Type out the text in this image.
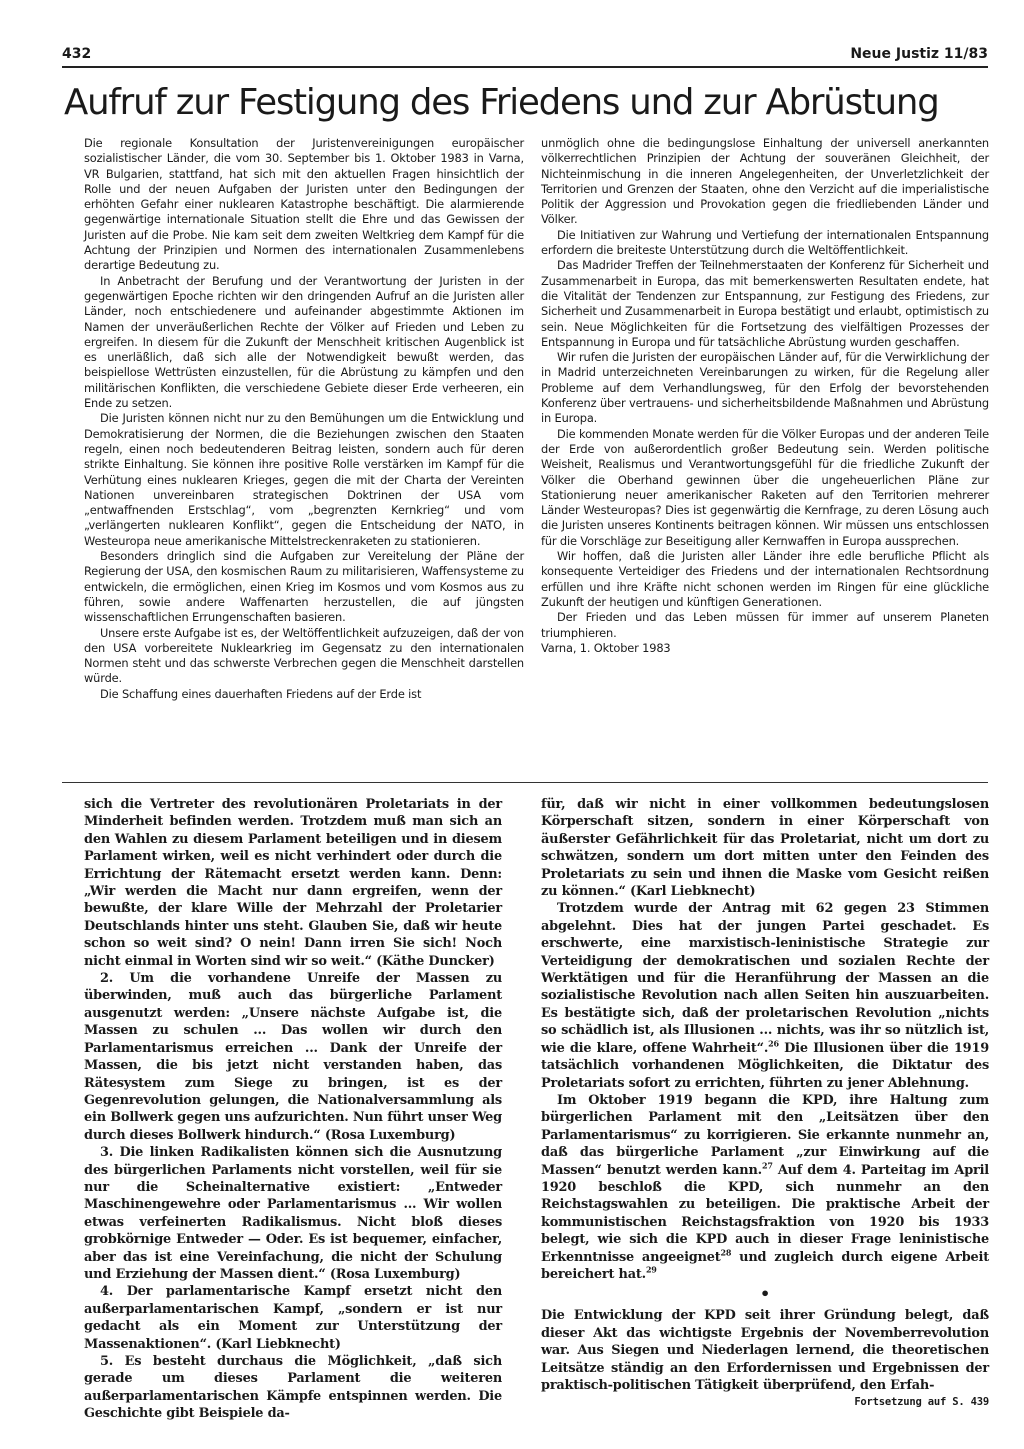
432	Neue Justiz 11/83
Aufruf zur Festigung des Friedens und zur Abrüstung

Die regionale Konsultation der Juristenvereinigungen europäischer sozialistischer Länder, die vom 30. September bis 1. Oktober 1983 in Varna, VR Bulgarien, stattfand, hat sich mit den aktuellen Fragen hinsichtlich der Rolle und der neuen Aufgaben der Juristen unter den Bedingungen der erhöhten Gefahr einer nuklearen Katastrophe beschäftigt. Die alarmierende gegenwärtige internationale Situation stellt die Ehre und das Gewissen der Juristen auf die Probe. Nie kam seit dem zweiten Weltkrieg dem Kampf für die Achtung der Prinzipien und Normen des internationalen Zusammenlebens derartige Bedeutung zu.

In Anbetracht der Berufung und der Verantwortung der Juristen in der gegenwärtigen Epoche richten wir den dringenden Aufruf an die Juristen aller Länder, noch entschiedenere und aufeinander abgestimmte Aktionen im Namen der unveräußerlichen Rechte der Völker auf Frieden und Leben zu ergreifen. In diesem für die Zukunft der Menschheit kritischen Augenblick ist es unerläßlich, daß sich alle der Notwendigkeit bewußt werden, das beispiellose Wettrüsten einzustellen, für die Abrüstung zu kämpfen und den militärischen Konflikten, die verschiedene Gebiete dieser Erde verheeren, ein Ende zu setzen.

Die Juristen können nicht nur zu den Bemühungen um die Entwicklung und Demokratisierung der Normen, die die Beziehungen zwischen den Staaten regeln, einen noch bedeutenderen Beitrag leisten, sondern auch für deren strikte Einhaltung. Sie können ihre positive Rolle verstärken im Kampf für die Verhütung eines nuklearen Krieges, gegen die mit der Charta der Vereinten Nationen unvereinbaren strategischen Doktrinen der USA vom „entwaffnenden Erstschlag“, vom „begrenzten Kernkrieg“ und vom „verlängerten nuklearen Konflikt“, gegen die Entscheidung der NATO, in Westeuropa neue amerikanische Mittelstreckenraketen zu stationieren.

Besonders dringlich sind die Aufgaben zur Vereitelung der Pläne der Regierung der USA, den kosmischen Raum zu militarisieren, Waffensysteme zu entwickeln, die ermöglichen, einen Krieg im Kosmos und vom Kosmos aus zu führen, sowie andere Waffenarten herzustellen, die auf jüngsten wissenschaftlichen Errungenschaften basieren.

Unsere erste Aufgabe ist es, der Weltöffentlichkeit aufzuzeigen, daß der von den USA vorbereitete Nuklearkrieg im Gegensatz zu den internationalen Normen steht und das schwerste Verbrechen gegen die Menschheit darstellen würde.

Die Schaffung eines dauerhaften Friedens auf der Erde ist

unmöglich ohne die bedingungslose Einhaltung der universell anerkannten völkerrechtlichen Prinzipien der Achtung der souveränen Gleichheit, der Nichteinmischung in die inneren Angelegenheiten, der Unverletzlichkeit der Territorien und Grenzen der Staaten, ohne den Verzicht auf die imperialistische Politik der Aggression und Provokation gegen die friedliebenden Länder und Völker.

Die Initiativen zur Wahrung und Vertiefung der internationalen Entspannung erfordern die breiteste Unterstützung durch die Weltöffentlichkeit.

Das Madrider Treffen der Teilnehmerstaaten der Konferenz für Sicherheit und Zusammenarbeit in Europa, das mit bemerkenswerten Resultaten endete, hat die Vitalität der Tendenzen zur Entspannung, zur Festigung des Friedens, zur Sicherheit und Zusammenarbeit in Europa bestätigt und erlaubt, optimistisch zu sein. Neue Möglichkeiten für die Fortsetzung des vielfältigen Prozesses der Entspannung in Europa und für tatsächliche Abrüstung wurden geschaffen.

Wir rufen die Juristen der europäischen Länder auf, für die Verwirklichung der in Madrid unterzeichneten Vereinbarungen zu wirken, für die Regelung aller Probleme auf dem Verhandlungsweg, für den Erfolg der bevorstehenden Konferenz über vertrauens- und sicherheitsbildende Maßnahmen und Abrüstung in Europa.

Die kommenden Monate werden für die Völker Europas und der anderen Teile der Erde von außerordentlich großer Bedeutung sein. Werden politische Weisheit, Realismus und Verantwortungsgefühl für die friedliche Zukunft der Völker die Oberhand gewinnen über die ungeheuerlichen Pläne zur Stationierung neuer amerikanischer Raketen auf den Territorien mehrerer Länder Westeuropas? Dies ist gegenwärtig die Kernfrage, zu deren Lösung auch die Juristen unseres Kontinents beitragen können. Wir müssen uns entschlossen für die Vorschläge zur Beseitigung aller Kernwaffen in Europa aussprechen.

Wir hoffen, daß die Juristen aller Länder ihre edle berufliche Pflicht als konsequente Verteidiger des Friedens und der internationalen Rechtsordnung erfüllen und ihre Kräfte nicht schonen werden im Ringen für eine glückliche Zukunft der heutigen und künftigen Generationen.

Der Frieden und das Leben müssen für immer auf unserem Planeten triumphieren.

Varna, 1. Oktober 1983

sich die Vertreter des revolutionären Proletariats in der Minderheit befinden werden. Trotzdem muß man sich an den Wahlen zu diesem Parlament beteiligen und in diesem Parlament wirken, weil es nicht verhindert oder durch die Errichtung der Rätemacht ersetzt werden kann. Denn: „Wir werden die Macht nur dann ergreifen, wenn der bewußte, der klare Wille der Mehrzahl der Proletarier Deutschlands hinter uns steht. Glauben Sie, daß wir heute schon so weit sind? O nein! Dann irren Sie sich! Noch nicht einmal in Worten sind wir so weit.“ (Käthe Duncker)

2. Um die vorhandene Unreife der Massen zu überwinden, muß auch das bürgerliche Parlament ausgenutzt werden: „Unsere nächste Aufgabe ist, die Massen zu schulen ... Das wollen wir durch den Parlamentarismus erreichen ... Dank der Unreife der Massen, die bis jetzt nicht verstanden haben, das Rätesystem zum Siege zu bringen, ist es der Gegenrevolution gelungen, die Nationalversammlung als ein Bollwerk gegen uns aufzurichten. Nun führt unser Weg durch dieses Bollwerk hindurch.“ (Rosa Luxemburg)

3. Die linken Radikalisten können sich die Ausnutzung des bürgerlichen Parlaments nicht vorstellen, weil für sie nur die Scheinalternative existiert: „Entweder Maschinengewehre oder Parlamentarismus ... Wir wollen etwas verfeinerten Radikalismus. Nicht bloß dieses grobkörnige Entweder — Oder. Es ist bequemer, einfacher, aber das ist eine Vereinfachung, die nicht der Schulung und Erziehung der Massen dient.“ (Rosa Luxemburg)

4. Der parlamentarische Kampf ersetzt nicht den außerparlamentarischen Kampf, „sondern er ist nur gedacht als ein Moment zur Unterstützung der Massenaktionen“. (Karl Liebknecht)

5. Es besteht durchaus die Möglichkeit, „daß sich gerade um dieses Parlament die weiteren außerparlamentarischen Kämpfe entspinnen werden. Die Geschichte gibt Beispiele da-

für, daß wir nicht in einer vollkommen bedeutungslosen Körperschaft sitzen, sondern in einer Körperschaft von äußerster Gefährlichkeit für das Proletariat, nicht um dort zu schwätzen, sondern um dort mitten unter den Feinden des Proletariats zu sein und ihnen die Maske vom Gesicht reißen zu können.“ (Karl Liebknecht)

Trotzdem wurde der Antrag mit 62 gegen 23 Stimmen abgelehnt. Dies hat der jungen Partei geschadet. Es erschwerte, eine marxistisch-leninistische Strategie zur Verteidigung der demokratischen und sozialen Rechte der Werktätigen und für die Heranführung der Massen an die sozialistische Revolution nach allen Seiten hin auszuarbeiten. Es bestätigte sich, daß der proletarischen Revolution „nichts so schädlich ist, als Illusionen ... nichts, was ihr so nützlich ist, wie die klare, offene Wahrheit“.$^{26}$ Die Illusionen über die 1919 tatsächlich vorhandenen Möglichkeiten, die Diktatur des Proletariats sofort zu errichten, führten zu jener Ablehnung.

Im Oktober 1919 begann die KPD, ihre Haltung zum bürgerlichen Parlament mit den „Leitsätzen über den Parlamentarismus“ zu korrigieren. Sie erkannte nunmehr an, daß das bürgerliche Parlament „zur Einwirkung auf die Massen“ benutzt werden kann.$^{27}$ Auf dem 4. Parteitag im April 1920 beschloß die KPD, sich nunmehr an den Reichstagswahlen zu beteiligen. Die praktische Arbeit der kommunistischen Reichstagsfraktion von 1920 bis 1933 belegt, wie sich die KPD auch in dieser Frage leninistische Erkenntnisse angeeignet$^{28}$ und zugleich durch eigene Arbeit bereichert hat.$^{29}$

•

Die Entwicklung der KPD seit ihrer Gründung belegt, daß dieser Akt das wichtigste Ergebnis der Novemberrevolution war. Aus Siegen und Niederlagen lernend, die theoretischen Leitsätze ständig an den Erfordernissen und Ergebnissen der praktisch-politischen Tätigkeit überprüfend, den Erfah-

Fortsetzung auf S. 439
